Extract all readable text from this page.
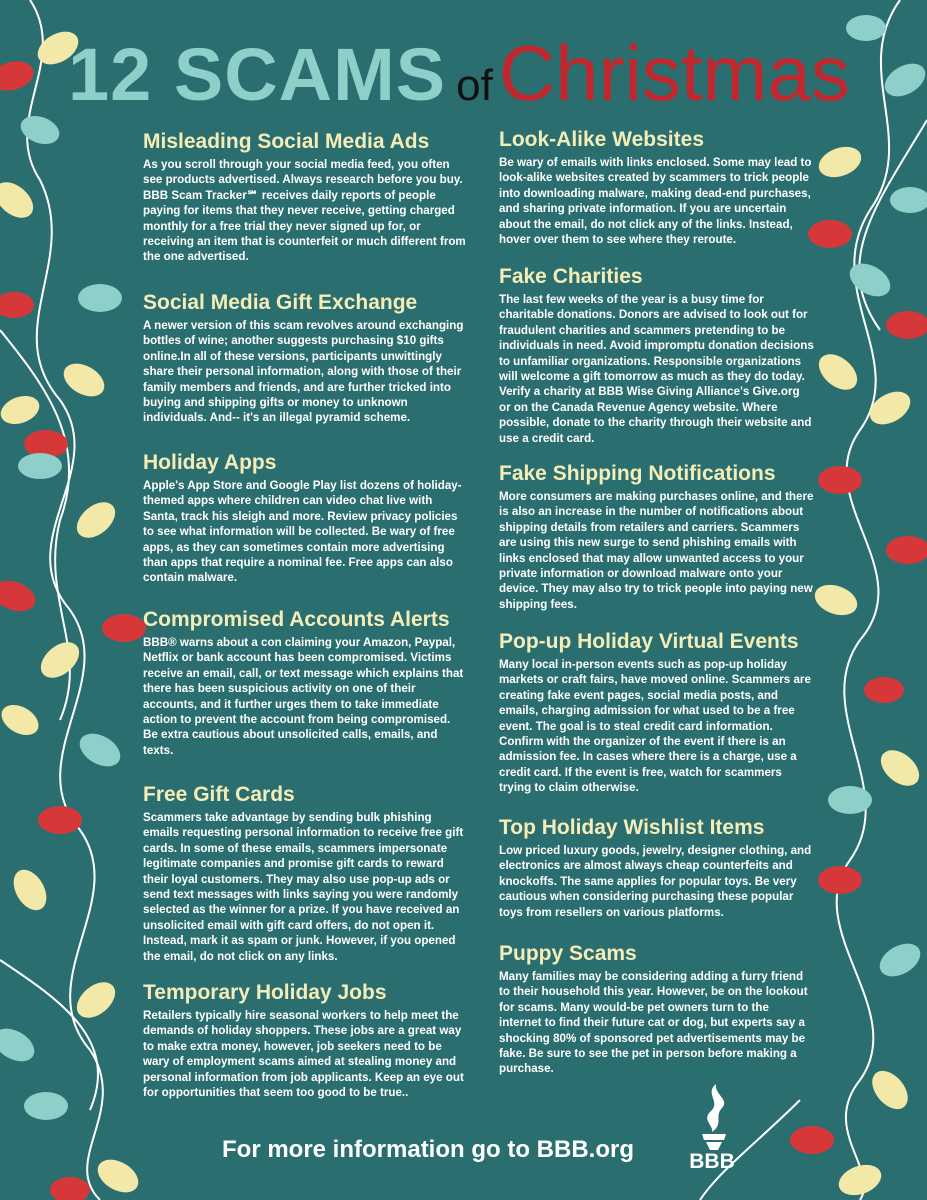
12 SCAMS ofChristmas
Misleading Social Media Ads

As you scroll through your social media feed, you often see products advertised. Always research before you buy. BBB Scam Tracker℠ receives daily reports of people paying for items that they never receive, getting charged monthly for a free trial they never signed up for, or receiving an item that is counterfeit or much different from the one advertised.

Social Media Gift Exchange

A newer version of this scam revolves around exchanging bottles of wine; another suggests purchasing $10 gifts online.In all of these versions, participants unwittingly share their personal information, along with those of their family members and friends, and are further tricked into buying and shipping gifts or money to unknown individuals. And-- it's an illegal pyramid scheme.

Holiday Apps

Apple's App Store and Google Play list dozens of holiday-themed apps where children can video chat live with Santa, track his sleigh and more. Review privacy policies to see what information will be collected. Be wary of free apps, as they can sometimes contain more advertising than apps that require a nominal fee. Free apps can also contain malware.

Compromised Accounts Alerts

BBB® warns about a con claiming your Amazon, Paypal, Netflix or bank account has been compromised. Victims receive an email, call, or text message which explains that there has been suspicious activity on one of their accounts, and it further urges them to take immediate action to prevent the account from being compromised. Be extra cautious about unsolicited calls, emails, and texts.

Free Gift Cards

Scammers take advantage by sending bulk phishing emails requesting personal information to receive free gift cards. In some of these emails, scammers impersonate legitimate companies and promise gift cards to reward their loyal customers. They may also use pop-up ads or send text messages with links saying you were randomly selected as the winner for a prize. If you have received an unsolicited email with gift card offers, do not open it. Instead, mark it as spam or junk. However, if you opened the email, do not click on any links.

Temporary Holiday Jobs

Retailers typically hire seasonal workers to help meet the demands of holiday shoppers. These jobs are a great way to make extra money, however, job seekers need to be wary of employment scams aimed at stealing money and personal information from job applicants. Keep an eye out for opportunities that seem too good to be true..

Look-Alike Websites

Be wary of emails with links enclosed. Some may lead to look-alike websites created by scammers to trick people into downloading malware, making dead-end purchases, and sharing private information. If you are uncertain about the email, do not click any of the links. Instead, hover over them to see where they reroute.

Fake Charities

The last few weeks of the year is a busy time for charitable donations. Donors are advised to look out for fraudulent charities and scammers pretending to be individuals in need. Avoid impromptu donation decisions to unfamiliar organizations. Responsible organizations will welcome a gift tomorrow as much as they do today. Verify a charity at BBB Wise Giving Alliance's Give.org or on the Canada Revenue Agency website. Where possible, donate to the charity through their website and use a credit card.

Fake Shipping Notifications

More consumers are making purchases online, and there is also an increase in the number of notifications about shipping details from retailers and carriers. Scammers are using this new surge to send phishing emails with links enclosed that may allow unwanted access to your private information or download malware onto your device. They may also try to trick people into paying new shipping fees.

Pop-up Holiday Virtual Events

Many local in-person events such as pop-up holiday markets or craft fairs, have moved online. Scammers are creating fake event pages, social media posts, and emails, charging admission for what used to be a free event. The goal is to steal credit card information. Confirm with the organizer of the event if there is an admission fee. In cases where there is a charge, use a credit card. If the event is free, watch for scammers trying to claim otherwise.

Top Holiday Wishlist Items

Low priced luxury goods, jewelry, designer clothing, and electronics are almost always cheap counterfeits and knockoffs. The same applies for popular toys. Be very cautious when considering purchasing these popular toys from resellers on various platforms.

Puppy Scams

Many families may be considering adding a furry friend to their household this year. However, be on the lookout for scams. Many would-be pet owners turn to the internet to find their future cat or dog, but experts say a shocking 80% of sponsored pet advertisements may be fake. Be sure to see the pet in person before making a purchase.

For more information go to BBB.org	BBB
